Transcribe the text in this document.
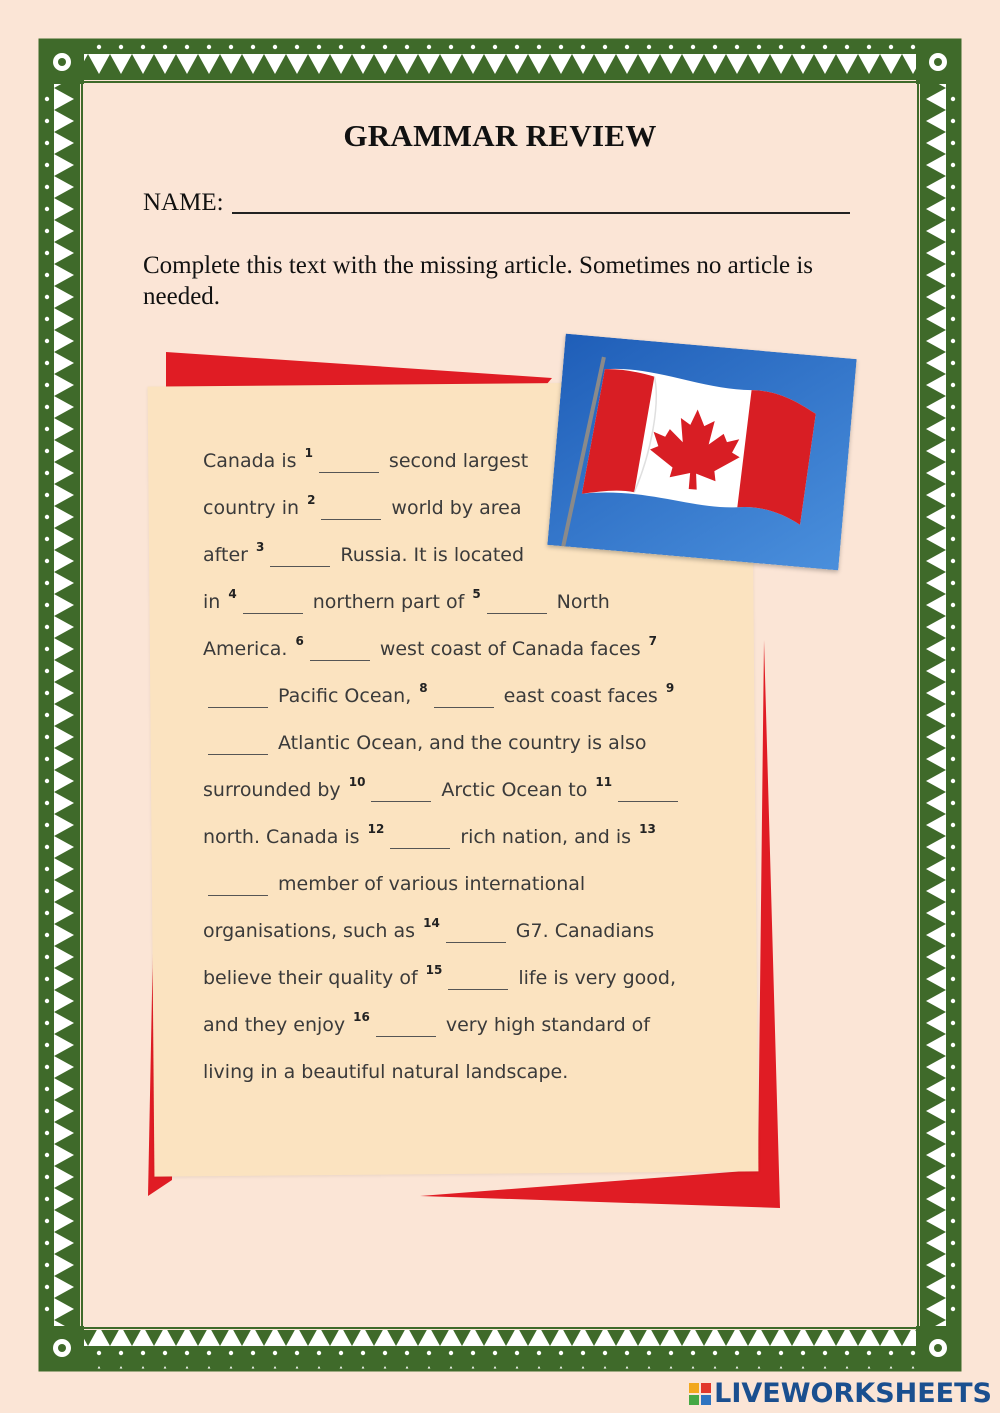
GRAMMAR REVIEW
NAME:
Complete this text with the missing article. Sometimes no article is needed.
Canada is $^1$	second largest
country in $^2$	world by area
after $^3$	Russia. It is located
in $^4$	northern part of $^5$	North
America. $^6$	west coast of Canada faces $^7$
Pacific Ocean, $^8$	east coast faces $^9$
Atlantic Ocean, and the country is also
surrounded by $^{10}$	Arctic Ocean to $^{11}$
north. Canada is $^{12}$	rich nation, and is $^{13}$
member of various international
organisations, such as $^{14}$	G7. Canadians
believe their quality of $^{15}$	life is very good,
and they enjoy $^{16}$	very high standard of
living in a beautiful natural landscape.
LIVEWORKSHEETS
